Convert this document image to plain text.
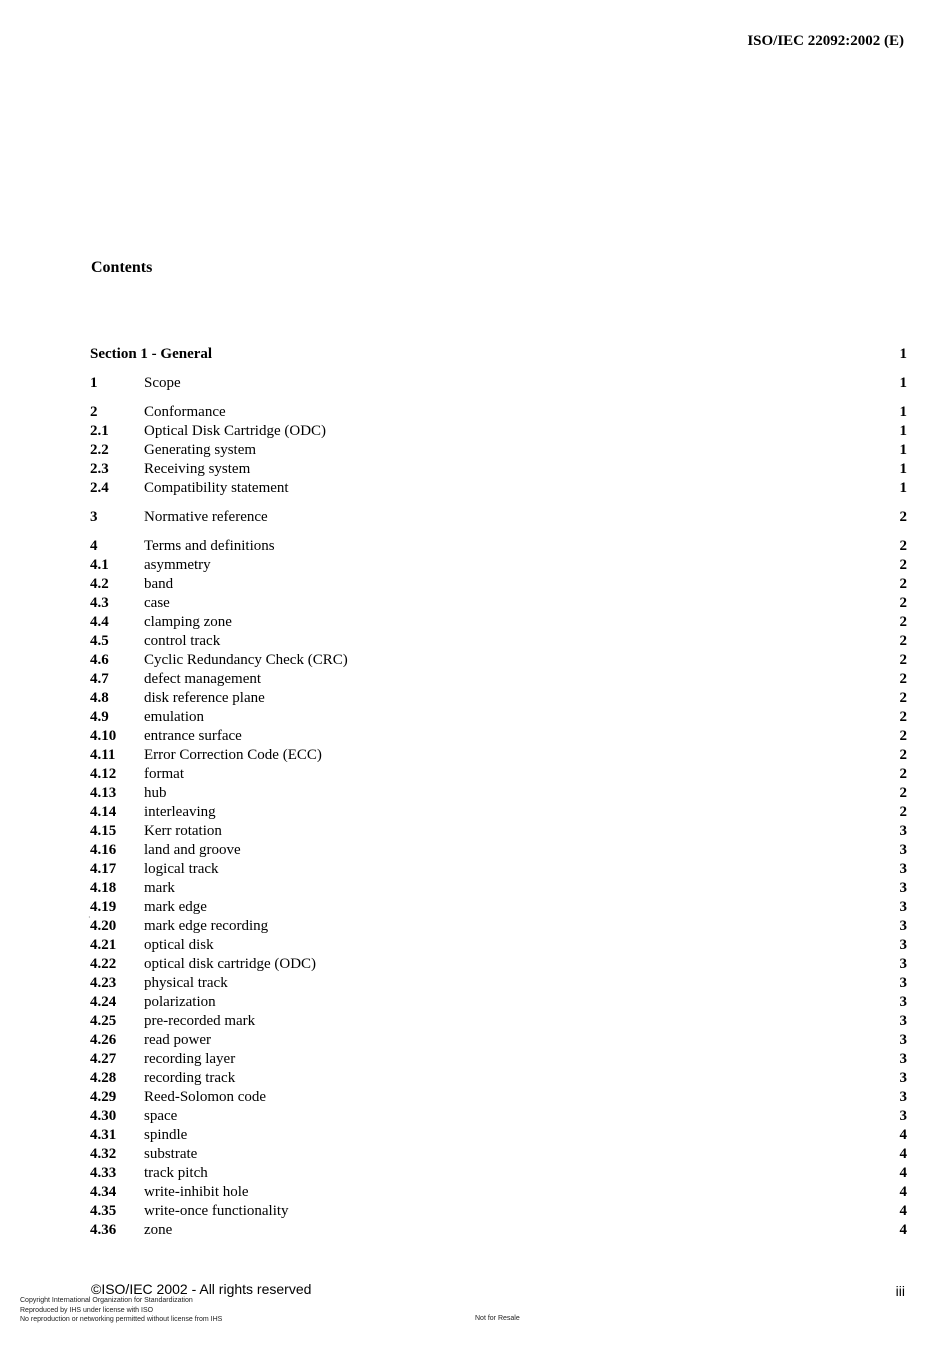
ISO/IEC 22092:2002 (E)
Contents
Section 1 - General	1
1	Scope	1
2	Conformance	1
2.1 Optical Disk Cartridge (ODC)	1
2.2 Generating system	1
2.3 Receiving system	1
2.4 Compatibility statement	1
3	Normative reference	2
4	Terms and definitions	2
4.1 asymmetry	2
4.2 band	2
4.3 case	2
4.4 clamping zone	2
4.5 control track	2
4.6 Cyclic Redundancy Check (CRC)	2
4.7 defect management	2
4.8 disk reference plane	2
4.9 emulation	2
4.10 entrance surface	2
4.11 Error Correction Code (ECC)	2
4.12 format	2
4.13 hub	2
4.14 interleaving	2
4.15 Kerr rotation	3
4.16 land and groove	3
4.17 logical track	3
4.18 mark	3
4.19 mark edge	3
4.20 mark edge recording	3
4.21 optical disk	3
4.22 optical disk cartridge (ODC)	3
4.23 physical track	3
4.24 polarization	3
4.25 pre-recorded mark	3
4.26 read power	3
4.27 recording layer	3
4.28 recording track	3
4.29 Reed-Solomon code	3
4.30 space	3
4.31 spindle	4
4.32 substrate	4
4.33 track pitch	4
4.34 write-inhibit hole	4
4.35 write-once functionality	4
4.36 zone	4
·
©ISO/IEC 2002 - All rights reserved	iii
Copyright International Organization for Standardization
Reproduced by IHS under license with ISO
No reproduction or networking permitted without license from IHS	Not for Resale
